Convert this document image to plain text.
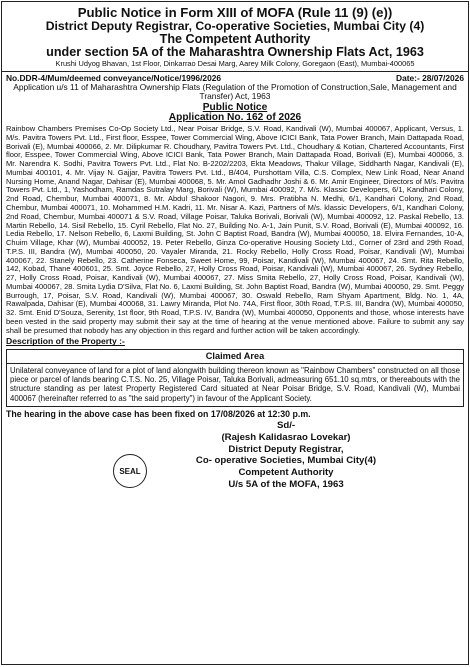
Public Notice in Form XIII of MOFA (Rule 11 (9) (e))
District Deputy Registrar, Co-operative Societies, Mumbai City (4)
The Competent Authority
under section 5A of the Maharashtra Ownership Flats Act, 1963
Krushi Udyog Bhavan, 1st Floor, Dinkarrao Desai Marg, Aarey Milk Colony, Goregaon (East), Mumbai-400065
No.DDR-4/Mum/deemed conveyance/Notice/1996/2026	Date:- 28/07/2026
Application u/s 11 of Maharashtra Ownership Flats (Regulation of the Promotion of Construction,Sale, Management and Transfer) Act, 1963
Public Notice
Application No. 162 of 2026

Rainbow Chambers Premises Co-Op Society Ltd., Near Poisar Bridge, S.V. Road, Kandivali (W), Mumbai 400067, Applicant, Versus, 1. M/s. Pavitra Towers Pvt. Ltd., First floor, Esspee, Tower Commercial Wing, Above ICICI Bank, Tata Power Branch, Main Dattapada Road, Borivali (E), Mumbai 400066, 2. Mr. Dilipkumar R. Choudhary, Pavitra Towers Pvt. Ltd., Choudhary & Kotian, Chartered Accountants, First floor, Esspee, Tower Commercial Wing, Above ICICI Bank, Tata Power Branch, Main Dattapada Road, Borivali (E), Mumbai 400066, 3. Mr. Narendra K. Sodhi, Pavitra Towers Pvt. Ltd., Flat No. B-2202/2203, Ekta Meadows, Thakur Village, Siddharth Nagar, Kandivali (E), Mumbai 400101, 4. Mr. Vijay N. Gajjar, Pavitra Towers Pvt. Ltd., B/404, Purshottam Villa, C.S. Complex, New Link Road, Near Anand Nursing Home, Anand Nagar, Dahisar (E), Mumbai 400068, 5. Mr. Amol Gadhadhr Joshi & 6. Mr. Amir Engineer, Directors of M/s. Pavitra Towers Pvt. Ltd., 1, Yashodham, Ramdas Sutralay Marg, Borivali (W), Mumbai 400092, 7. M/s. Klassic Developers, 6/1, Kandhari Colony, 2nd Road, Chembur, Mumbai 400071, 8. Mr. Abdul Shakoor Nagori, 9. Mrs. Pratibha N. Medhi, 6/1, Kandhari Colony, 2nd Road, Chembur, Mumbai 400071, 10. Mohammed H.M. Kadri, 11. Mr. Nisar A. Kazi, Partners of M/s. klassic Developers, 6/1, Kandhari Colony, 2nd Road, Chembur, Mumbai 400071 & S.V. Road, Village Poisar, Taluka Borivali, Borivali (W), Mumbai 400092, 12. Paskal Rebello, 13. Martin Rebello, 14. Sisil Rebello, 15. Cyril Rebello, Flat No. 27, Building No. A-1, Jain Punit, S.V. Road, Borivali (E), Mumbai 400092, 16. Ledia Rebello, 17. Nelson Rebello, 6, Laxmi Building, St. John C Baptist Road, Bandra (W), Mumbai 400050, 18. Elvira Fernandes, 10-A, Chuim Village, Khar (W), Mumbai 400052, 19. Peter Rebello, Ginza Co-operative Housing Society Ltd., Corner of 23rd and 29th Road, T.P.S. III, Bandra (W), Mumbai 400050, 20. Vayaler Miranda, 21. Rocky Rebello, Holly Cross Road, Poisar, Kandivali (W), Mumbai 400067, 22. Stanely Rebello, 23. Catherine Fonseca, Sweet Home, 99, Poisar, Kandivali (W), Mumbai 400067, 24. Smt. Rita Rebello, 142, Kobad, Thane 400601, 25. Smt. Joyce Rebello, 27, Holly Cross Road, Poisar, Kandivali (W), Mumbai 400067, 26. Sydney Rebello, 27, Holly Cross Road, Poisar, Kandivali (W), Mumbai 400067, 27. Miss Smita Rebello, 27, Holly Cross Road, Poisar, Kandivali (W), Mumbai 400067, 28. Smita Lydia D'Silva, Flat No. 6, Laxmi Building, St. John Baptist Road, Bandra (W), Mumbai 400050, 29. Smt. Peggy Burrough, 17, Poisar, S.V. Road, Kandivali (W), Mumbai 400067, 30. Oswald Rebello, Ram Shyam Apartment, Bldg. No. 1, 4A, Rawalpada, Dahisar (E), Mumbai 400068, 31. Lawry Miranda, Plot No. 74A, First floor, 30th Road, T.P.S. III, Bandra (W), Mumbai 400050, 32. Smt. Enid D'Souza, Serenity, 1st floor, 9th Road, T.P.S. IV, Bandra (W), Mumbai 400050, Opponents and those, whose interests have been vested in the said property may submit their say at the time of hearing at the venue mentioned above. Failure to submit any say shall be presumed that nobody has any objection in this regard and further action will be taken accordingly.

Description of the Property :-
Claimed Area
Unilateral conveyance of land for a plot of land alongwith building thereon known as "Rainbow Chambers" constructed on all those piece or parcel of lands bearing C.T.S. No. 25, Village Poisar, Taluka Borivali, admeasuring 651.10 sq.mtrs, or thereabouts with the structure standing as per latest Property Registered Card situated at Near Poisar Bridge, S.V. Road, Kandivali (W), Mumbai 400067 (hereinafter referred to as "the said property") in favour of the Applicant Society.
The hearing in the above case has been fixed on 17/08/2026 at 12:30 p.m.
SEAL
Sd/-
(Rajesh Kalidasrao Lovekar)
District Deputy Registrar,
Co- operative Societies, Mumbai City(4)
Competent Authority
U/s 5A of the MOFA, 1963
